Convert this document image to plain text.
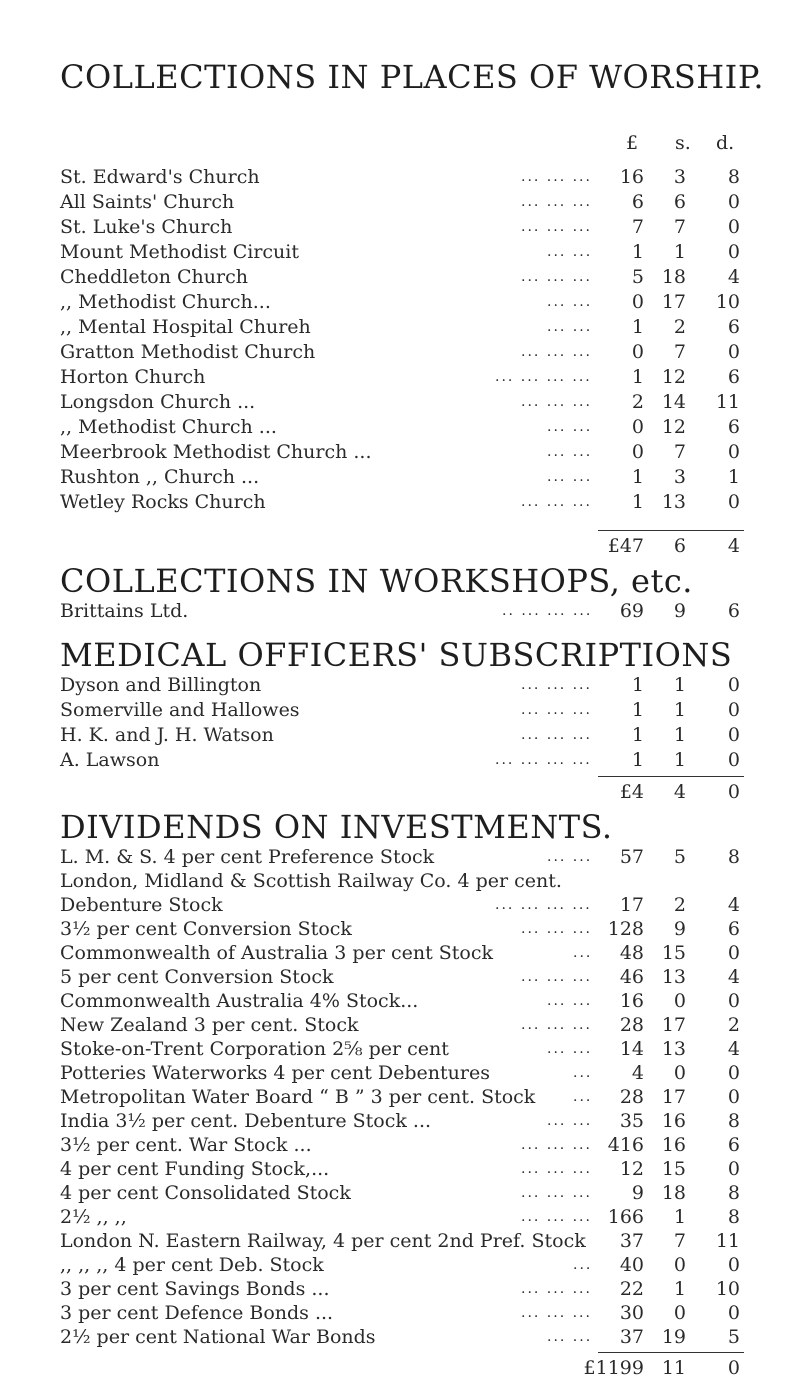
COLLECTIONS IN PLACES OF WORSHIP.
£ s. d.
St. Edward's Church	... ... ...	16	3	8
All Saints' Church	... ... ...	6	6	0
St. Luke's Church	... ... ...	7	7	0
Mount Methodist Circuit	... ...	1	1	0
Cheddleton Church	... ... ...	5 18	4
,, Methodist Church...	... ...	0 17 10
,, Mental Hospital Chureh	... ...	1	2	6
Gratton Methodist Church	... ... ...	0	7	0
Horton Church	... ... ... ...	1 12	6
Longsdon Church ...	... ... ...	2 14 11
,, Methodist Church ...	... ...	0 12	6
Meerbrook Methodist Church ...	... ...	0	7	0
Rushton ,, Church ...	... ...	1	3	1
Wetley Rocks Church	... ... ...	1 13	0
£47	6	4
COLLECTIONS IN WORKSHOPS, etc.
Brittains Ltd.	.. ... ... ...	69	9	6
MEDICAL OFFICERS' SUBSCRIPTIONS
Dyson and Billington	... ... ...	1	1	0
Somerville and Hallowes	... ... ...	1	1	0
H. K. and J. H. Watson	... ... ...	1	1	0
A. Lawson	... ... ... ...	1	1	0
£4	4	0
DIVIDENDS ON INVESTMENTS.
L. M. & S. 4 per cent Preference Stock	... ...	57	5	8
London, Midland & Scottish Railway Co. 4 per cent.
Debenture Stock	... ... ... ...	17	2	4
3½ per cent Conversion Stock	... ... ... 128	9	6
Commonwealth of Australia 3 per cent Stock	...	48 15	0
5 per cent Conversion Stock	... ... ...	46 13	4
Commonwealth Australia 4% Stock...	... ...	16	0	0
New Zealand 3 per cent. Stock	... ... ...	28 17	2
Stoke-on-Trent Corporation 2⅝ per cent	... ...	14 13	4
Potteries Waterworks 4 per cent Debentures	...	4	0	0
Metropolitan Water Board “ B ” 3 per cent. Stock	...	28 17	0
India 3½ per cent. Debenture Stock ...	... ...	35 16	8
3½ per cent. War Stock ...	... ... ... 416 16	6
4 per cent Funding Stock,...	... ... ...	12 15	0
4 per cent Consolidated Stock	... ... ...	9 18	8
2½ ,, ,,	... ... ... 166	1	8
London N. Eastern Railway, 4 per cent 2nd Pref. Stock	37	7 11
,, ,, ,, 4 per cent Deb. Stock	...	40	0	0
3 per cent Savings Bonds ...	... ... ...	22	1 10
3 per cent Defence Bonds ...	... ... ...	30	0	0
2½ per cent National War Bonds	... ...	37 19	5
£1199 11	0
